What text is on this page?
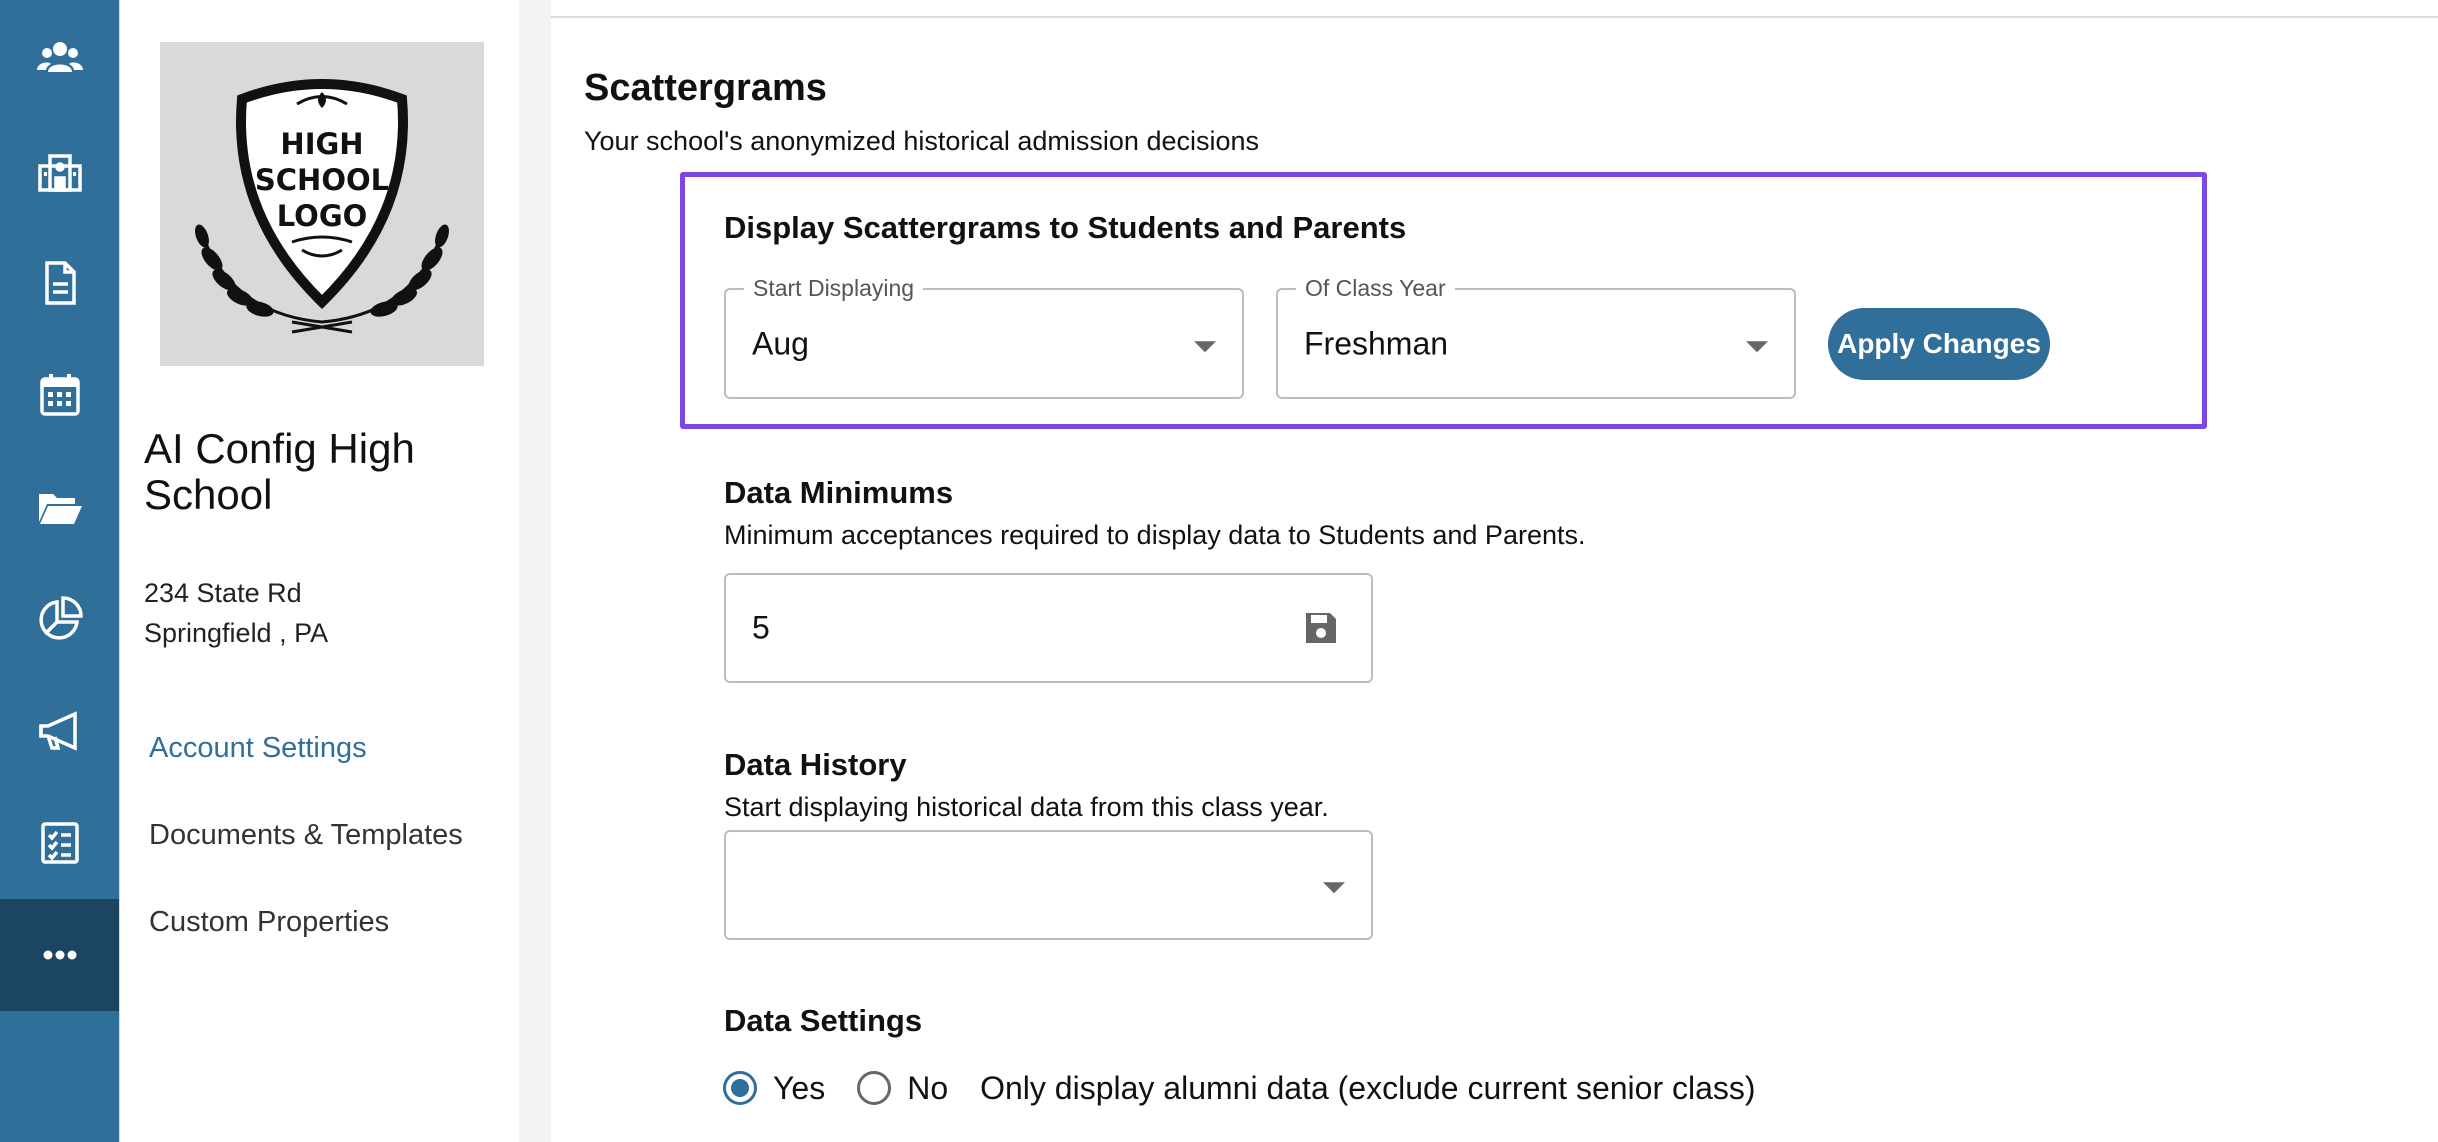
HIGH
SCHOOL
LOGO
AI Config High School
234 State Rd
Springfield , PA
Account Settings
Documents & Templates
Custom Properties
Scattergrams
Your school's anonymized historical admission decisions
Display Scattergrams to Students and Parents
Start Displaying
Aug
Of Class Year
Freshman	Apply Changes
Data Minimums
Minimum acceptances required to display data to Students and Parents.
5
Data History
Start displaying historical data from this class year.
Data Settings
Yes	No Only display alumni data (exclude current senior class)
